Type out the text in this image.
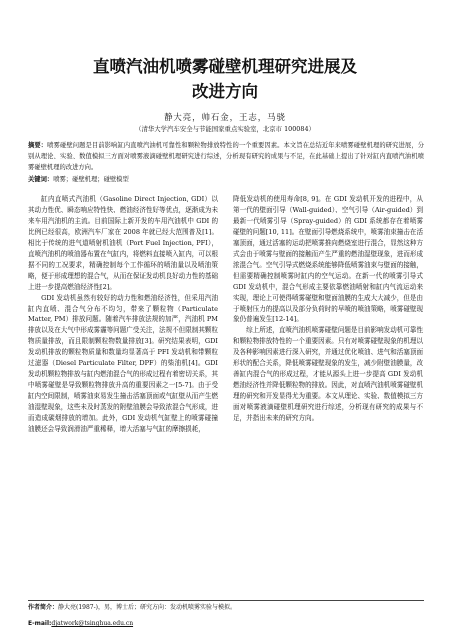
直喷汽油机喷雾碰壁机理研究进展及
改进方向
静大亮，帅石金，王志，马骁
（清华大学汽车安全与节能国家重点实验室，北京市 100084）
摘要：喷雾碰壁问题是目前影响缸内直喷汽油机可靠性和颗粒物排放特性的一个重要因素。本文旨在总结近年来喷雾碰壁机理的研究进展，分别从理论、实验、数值模拟三方面对喷雾液滴碰壁机理研究进行综述，分析现有研究的成果与不足，在此基础上提出了针对缸内直喷汽油机喷雾碰壁机理的改进方向。
关键词：喷雾；碰壁机理；碰壁模型

缸内直喷式汽油机（Gasoline Direct Injection, GDI）以其动力性优、瞬态响应特性快、燃油经济性好等优点，逐渐成为未来车用汽油机的主流。目前国际上新开发的车用汽油机中 GDI 的比例已经很高，欧洲汽车厂家在 2008 年就已经大范围普及[1]。相比于传统的进气道喷射机油机（Port Fuel Injection, PFI），直喷汽油机的喷油器布置在气缸内，将燃料直接喷入缸内，可以根据不同的工况要求，精确控制每个工作循环的喷油量以及喷油策略，便于形成理想的混合气，从而在保证发动机良好动力性的基础上进一步提高燃油经济性[2]。

GDI 发动机虽然有较好的动力性和燃油经济性，但采用汽油缸内直喷、混合气分布不均匀，带来了颗粒物（Particulate Matter, PM）排放问题。随着汽车排放法规的加严，汽油机 PM 排放以及在大气中形成雾霾等问题广受关注，法规不但限制其颗粒物质量排放，而且限制颗粒物数量排放[3]。研究结果表明，GDI 发动机排放的颗粒物质量和数量均显著高于 PFI 发动机和带颗粒过滤器（Diesel Particulate Filter, DPF）的柴油机[4]。GDI 发动机颗粒物排放与缸内燃油混合气的形成过程有着密切关系，其中喷雾碰壁是导致颗粒物排放升高的重要因素之一[5-7]。由于受缸内空间限制，喷雾油束易发生撞击活塞顶面或气缸壁从而产生燃油湿壁现象，这些未及时蒸发的附壁油膜会导致浓混合气形成，进而造成碳烟排放的增加。此外，GDI 发动机气缸壁上的喷雾碰撞油膜还会导致润滑油严重稀释，增大活塞与气缸的摩擦损耗，

降低发动机的使用寿命[8, 9]。在 GDI 发动机开发的进程中，从第一代的壁面引导（Wall-guided）、空气引导（Air-guided）到最新一代喷雾引导（Spray-guided）的 GDI 系统都存在着喷雾碰壁的问题[10, 11]。在壁面引导燃烧系统中，喷雾油束撞击在活塞顶面，通过活塞的运动把喷雾推向燃烧室进行混合，显然这种方式会由于喷雾与壁面的接触而产生严重的燃油湿壁现象，进而形成浓混合气。空气引导式燃烧系统能够降低喷雾油束与壁面的接触，但需要精确控制喷雾时缸内的空气运动。在新一代的喷雾引导式 GDI 发动机中，混合气形成主要依靠燃油喷射和缸内气流运动来实现，理论上可使得喷雾碰壁和壁面油膜的生成大大减少，但是由于喷射压力的提高以及部分负荷时的早喷的喷油策略，喷雾碰壁现象仍普遍发生[12-14]。

综上所述，直喷汽油机喷雾碰壁问题是目前影响发动机可靠性和颗粒物排放特性的一个重要因素。只有对喷雾碰壁现象的机理以及各种影响因素进行深入研究，并通过优化喷油、进气和活塞顶面形状的配合关系，降低喷雾碰壁现象的发生，减少附壁油膜量，改善缸内混合气的形成过程，才能从源头上进一步提高 GDI 发动机燃油经济性并降低颗粒物的排放。因此，对直喷汽油机喷雾碰壁机理的研究和开发显得尤为重要。本文从理论、实验、数值模拟三方面对喷雾液滴碰壁机理研究进行综述，分析现有研究的成果与不足，并指出未来的研究方向。

作者简介：静大亮(1987-)，男，博士后；研究方向：发动机喷雾实验与模拟。
E-mail:djatwork@tsinghua.edu.cn
